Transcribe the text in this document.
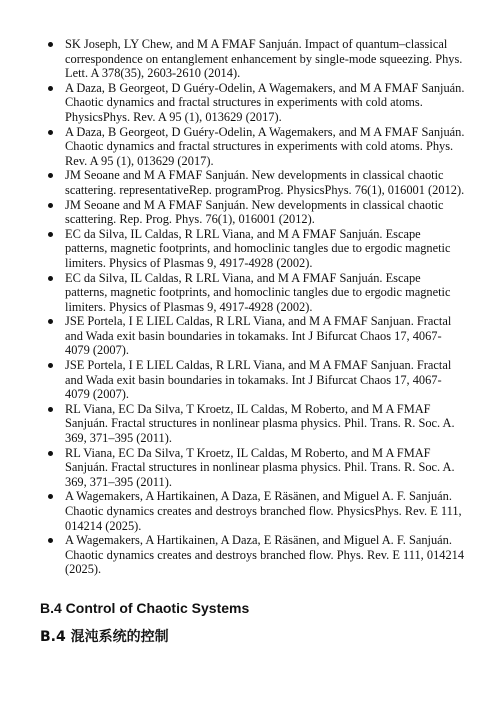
SK Joseph, LY Chew, and M A FMAF Sanjuán. Impact of quantum–classical correspondence on entanglement enhancement by single-mode squeezing. Phys. Lett. A 378(35), 2603-2610 (2014).
A Daza, B Georgeot, D Guéry-Odelin, A Wagemakers, and M A FMAF Sanjuán. Chaotic dynamics and fractal structures in experiments with cold atoms. PhysicsPhys. Rev. A 95 (1), 013629 (2017).
A Daza, B Georgeot, D Guéry-Odelin, A Wagemakers, and M A FMAF Sanjuán. Chaotic dynamics and fractal structures in experiments with cold atoms. Phys. Rev. A 95 (1), 013629 (2017).
JM Seoane and M A FMAF Sanjuán. New developments in classical chaotic scattering. representativeRep. programProg. PhysicsPhys. 76(1), 016001 (2012).
JM Seoane and M A FMAF Sanjuán. New developments in classical chaotic scattering. Rep. Prog. Phys. 76(1), 016001 (2012).
EC da Silva, IL Caldas, R LRL Viana, and M A FMAF Sanjuán. Escape patterns, magnetic footprints, and homoclinic tangles due to ergodic magnetic limiters. Physics of Plasmas 9, 4917-4928 (2002).
EC da Silva, IL Caldas, R LRL Viana, and M A FMAF Sanjuán. Escape patterns, magnetic footprints, and homoclinic tangles due to ergodic magnetic limiters. Physics of Plasmas 9, 4917-4928 (2002).
JSE Portela, I E LIEL Caldas, R LRL Viana, and M A FMAF Sanjuan. Fractal and Wada exit basin boundaries in tokamaks. Int J Bifurcat Chaos 17, 4067-4079 (2007).
JSE Portela, I E LIEL Caldas, R LRL Viana, and M A FMAF Sanjuan. Fractal and Wada exit basin boundaries in tokamaks. Int J Bifurcat Chaos 17, 4067-4079 (2007).
RL Viana, EC Da Silva, T Kroetz, IL Caldas, M Roberto, and M A FMAF Sanjuán. Fractal structures in nonlinear plasma physics. Phil. Trans. R. Soc. A. 369, 371–395 (2011).
RL Viana, EC Da Silva, T Kroetz, IL Caldas, M Roberto, and M A FMAF Sanjuán. Fractal structures in nonlinear plasma physics. Phil. Trans. R. Soc. A. 369, 371–395 (2011).
A Wagemakers, A Hartikainen, A Daza, E Räsänen, and Miguel A. F. Sanjuán. Chaotic dynamics creates and destroys branched flow. PhysicsPhys. Rev. E 111, 014214 (2025).
A Wagemakers, A Hartikainen, A Daza, E Räsänen, and Miguel A. F. Sanjuán. Chaotic dynamics creates and destroys branched flow. Phys. Rev. E 111, 014214 (2025).
B.4 Control of Chaotic Systems
B.4 混沌系统的控制
